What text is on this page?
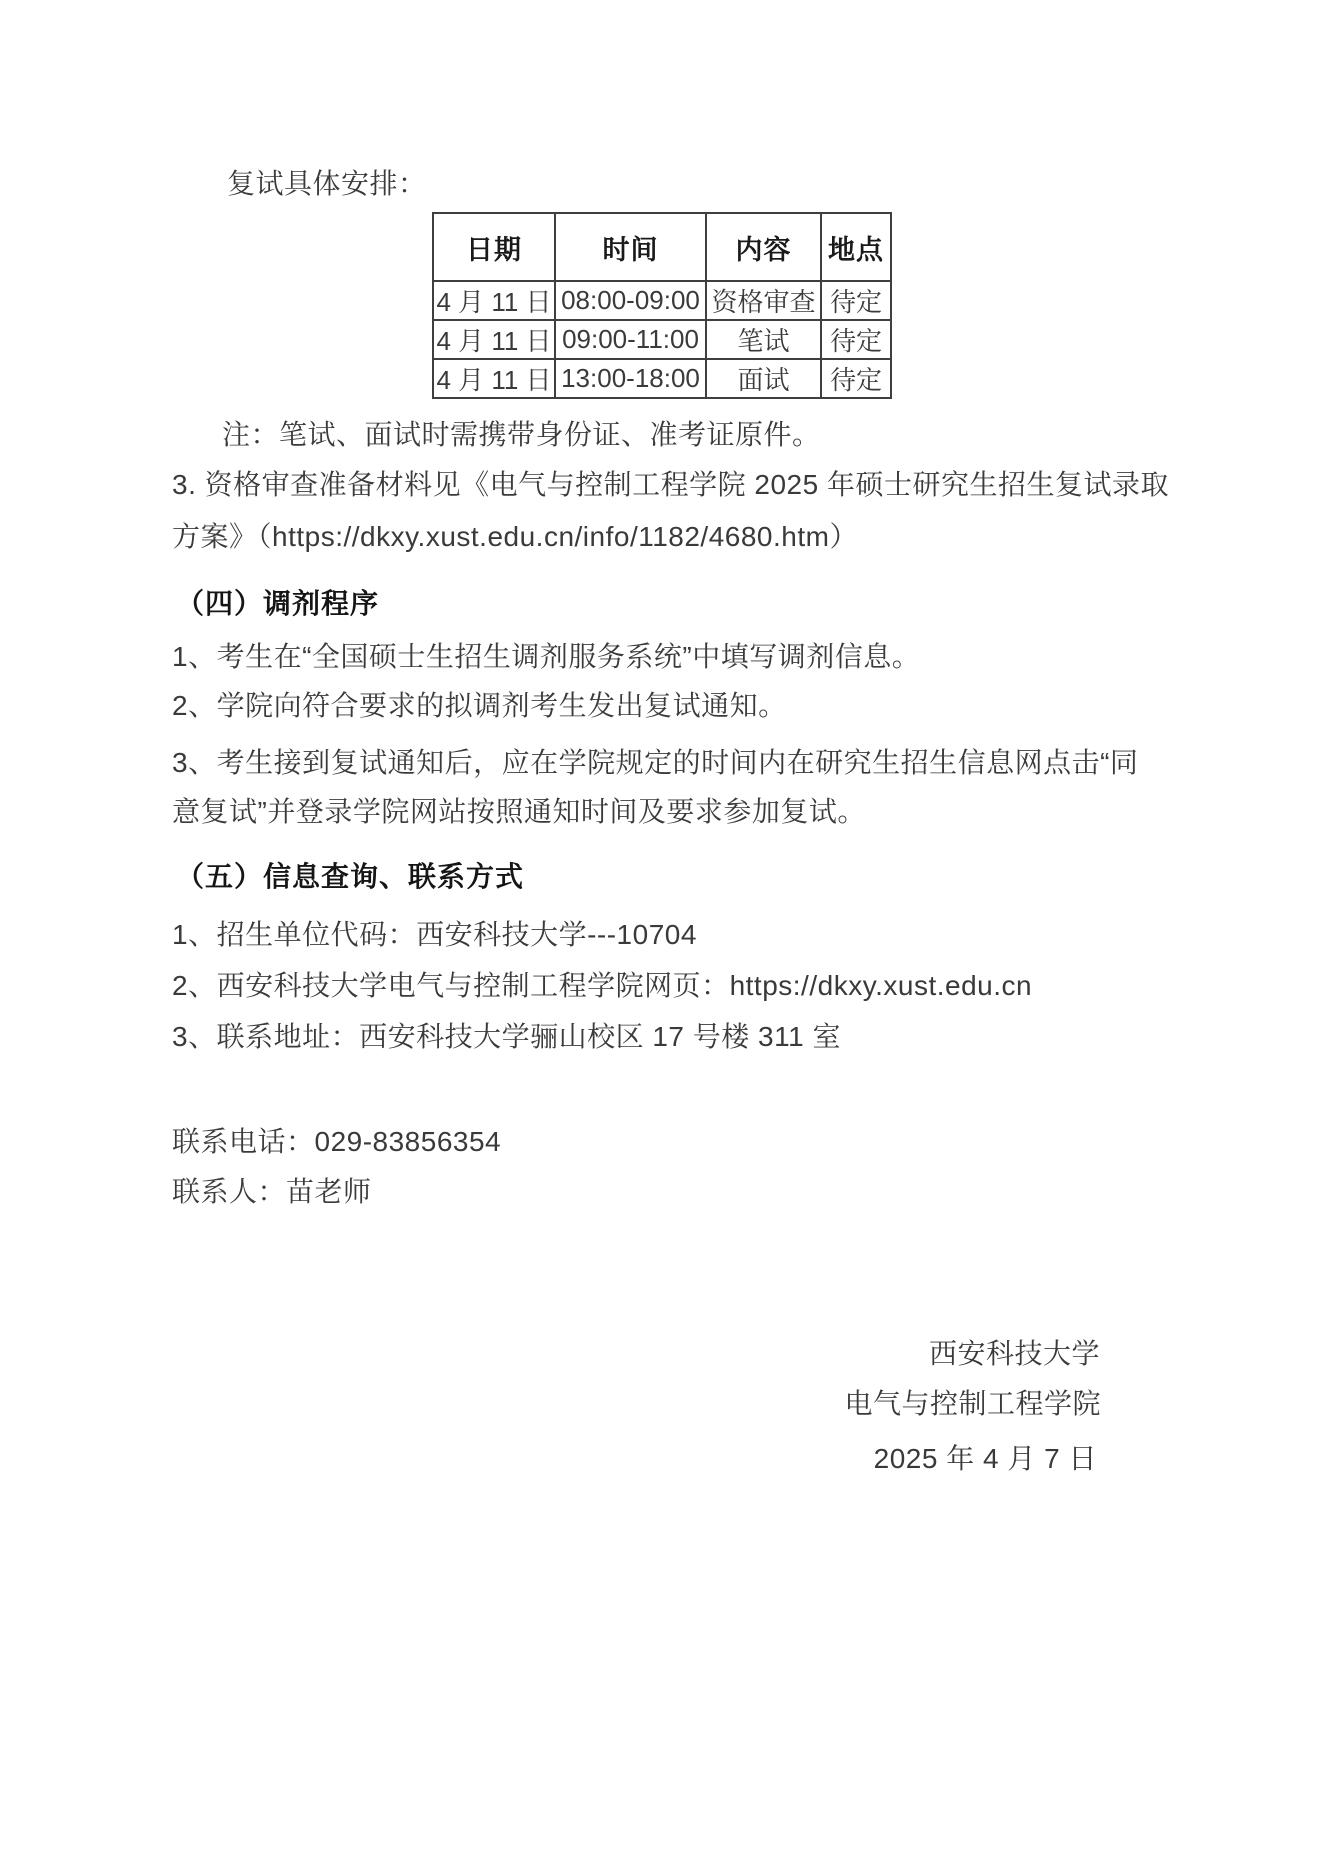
复试具体安排：
日期	时间	内容	地点
4 月 11 日	08:00-09:00	资格审查	待定
4 月 11 日	09:00-11:00	笔试	待定
4 月 11 日	13:00-18:00	面试	待定
注：笔试、面试时需携带身份证、准考证原件。
3. 资格审查准备材料见《电气与控制工程学院 2025 年硕士研究生招生复试录取
方案》（https://dkxy.xust.edu.cn/info/1182/4680.htm）
（四）调剂程序
1、考生在“全国硕士生招生调剂服务系统”中填写调剂信息。
2、学院向符合要求的拟调剂考生发出复试通知。
3、考生接到复试通知后，应在学院规定的时间内在研究生招生信息网点击“同
意复试”并登录学院网站按照通知时间及要求参加复试。
（五）信息查询、联系方式
1、招生单位代码：西安科技大学---10704
2、西安科技大学电气与控制工程学院网页：https://dkxy.xust.edu.cn
3、联系地址：西安科技大学骊山校区 17 号楼 311 室
联系电话：029-83856354
联系人：苗老师
西安科技大学
电气与控制工程学院
2025 年 4 月 7 日
